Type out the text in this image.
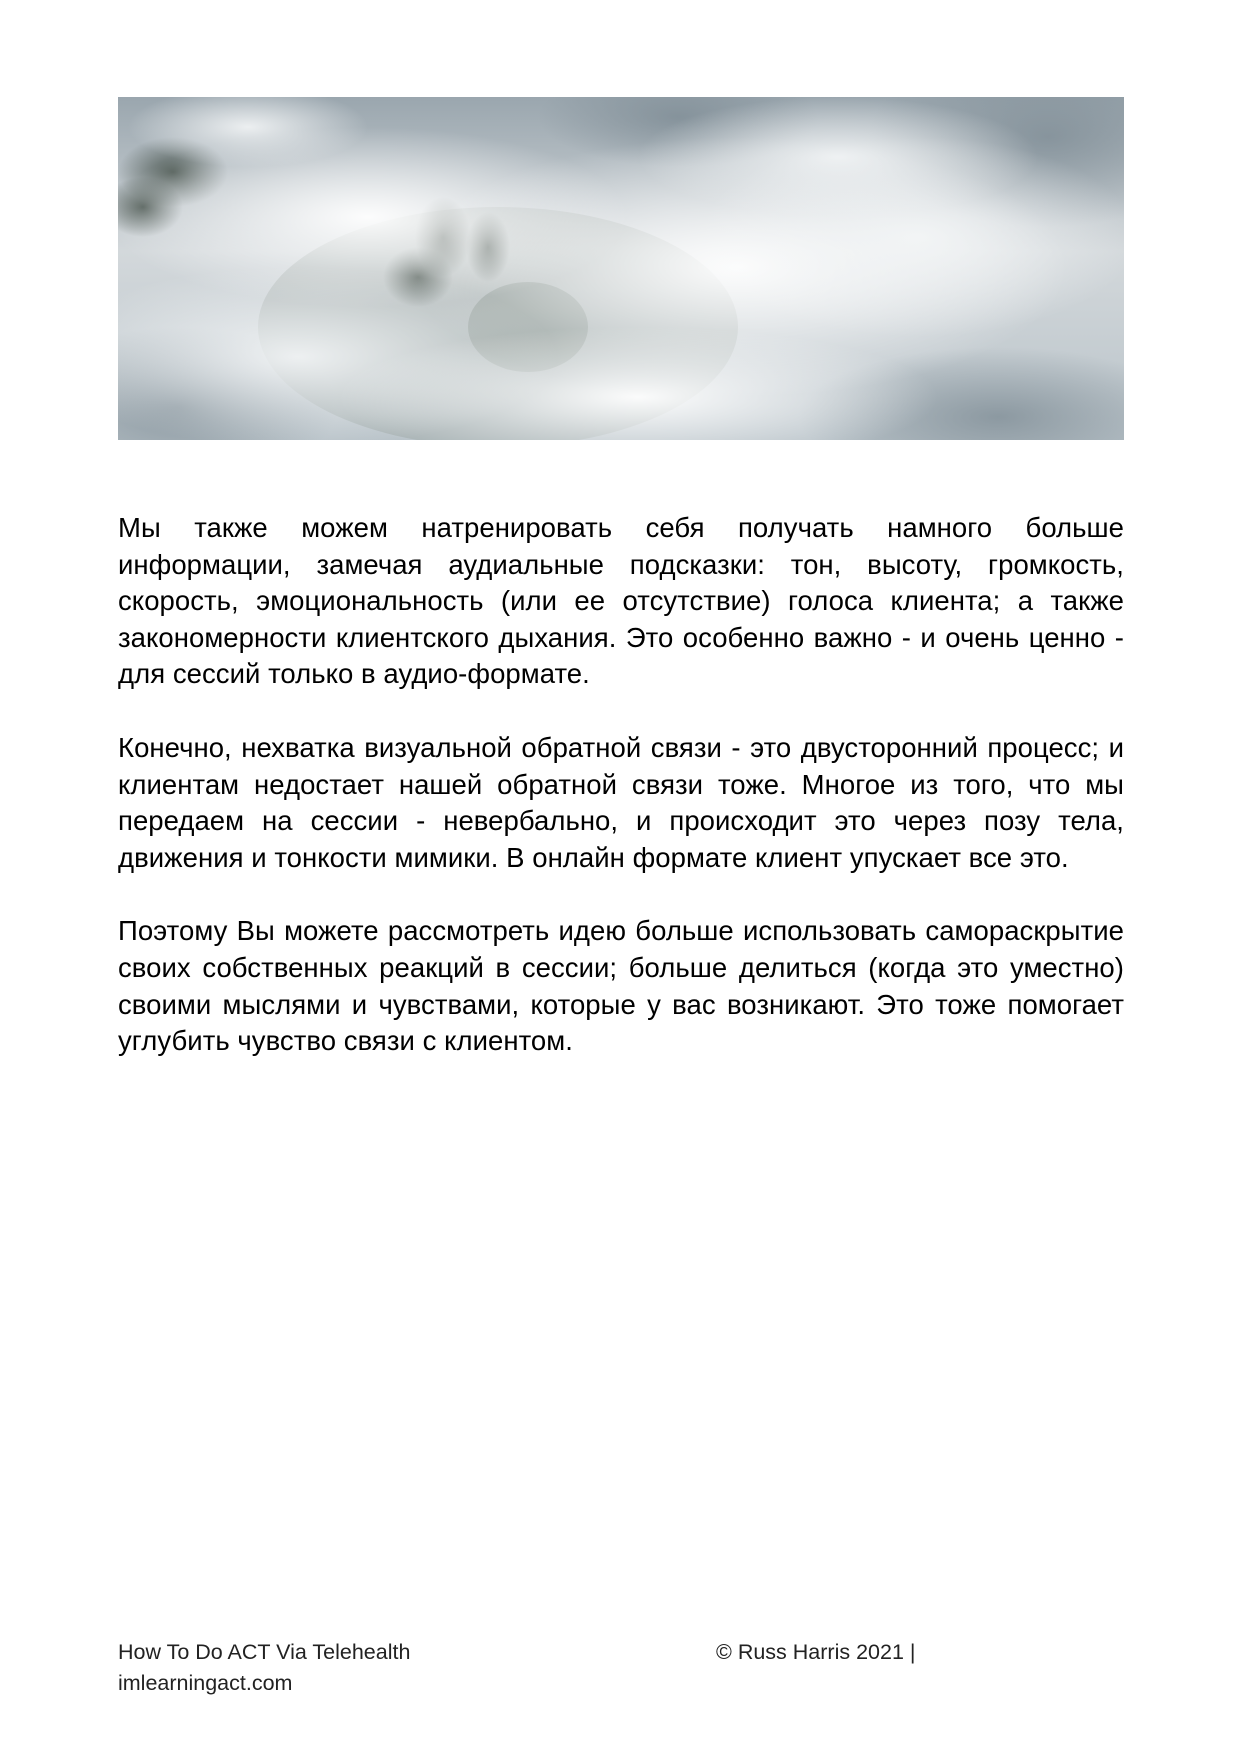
Мы также можем натренировать себя получать намного больше информации, замечая аудиальные подсказки: тон, высоту, громкость, скорость, эмоциональность (или ее отсутствие) голоса клиента; а также закономерности клиентского дыхания. Это особенно важно - и очень ценно - для сессий только в аудио-формате.

Конечно, нехватка визуальной обратной связи - это двусторонний процесс; и клиентам недостает нашей обратной связи тоже. Многое из того, что мы передаем на сессии - невербально, и происходит это через позу тела, движения и тонкости мимики. В онлайн формате клиент упускает все это.

Поэтому Вы можете рассмотреть идею больше использовать самораскрытие своих собственных реакций в сессии; больше делиться (когда это уместно) своими мыслями и чувствами, которые у вас возникают. Это тоже помогает углубить чувство связи с клиентом.

How To Do ACT Via Telehealth
imlearningact.com
© Russ Harris 2021 |
